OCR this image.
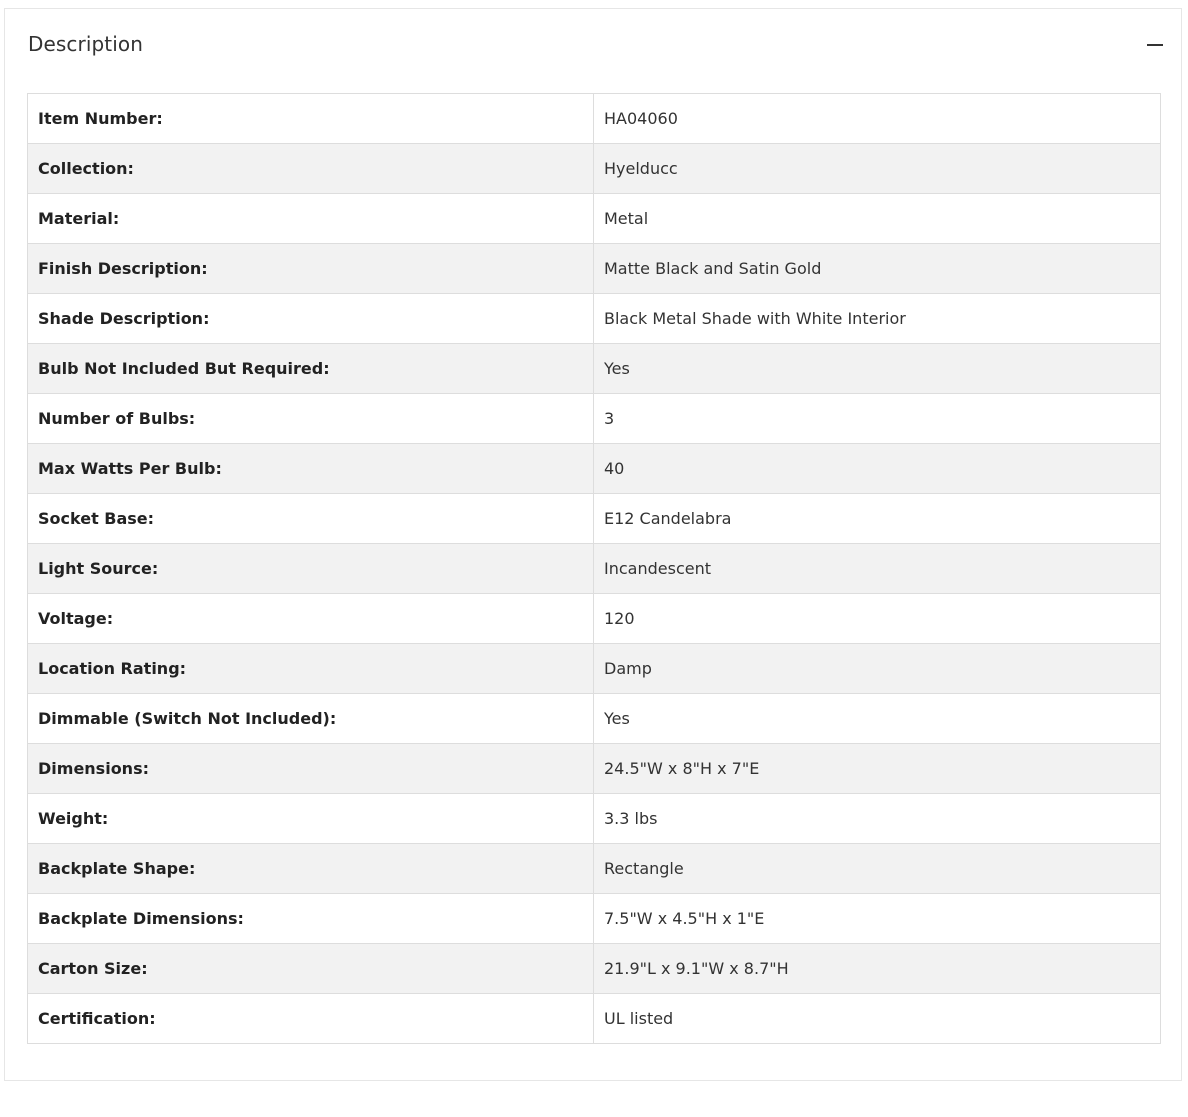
Description
Item Number:	HA04060
Collection:	Hyelducc
Material:	Metal
Finish Description:	Matte Black and Satin Gold
Shade Description:	Black Metal Shade with White Interior
Bulb Not Included But Required:	Yes
Number of Bulbs:	3
Max Watts Per Bulb:	40
Socket Base:	E12 Candelabra
Light Source:	Incandescent
Voltage:	120
Location Rating:	Damp
Dimmable (Switch Not Included):	Yes
Dimensions:	24.5"W x 8"H x 7"E
Weight:	3.3 lbs
Backplate Shape:	Rectangle
Backplate Dimensions:	7.5"W x 4.5"H x 1"E
Carton Size:	21.9"L x 9.1"W x 8.7"H
Certification:	UL listed
